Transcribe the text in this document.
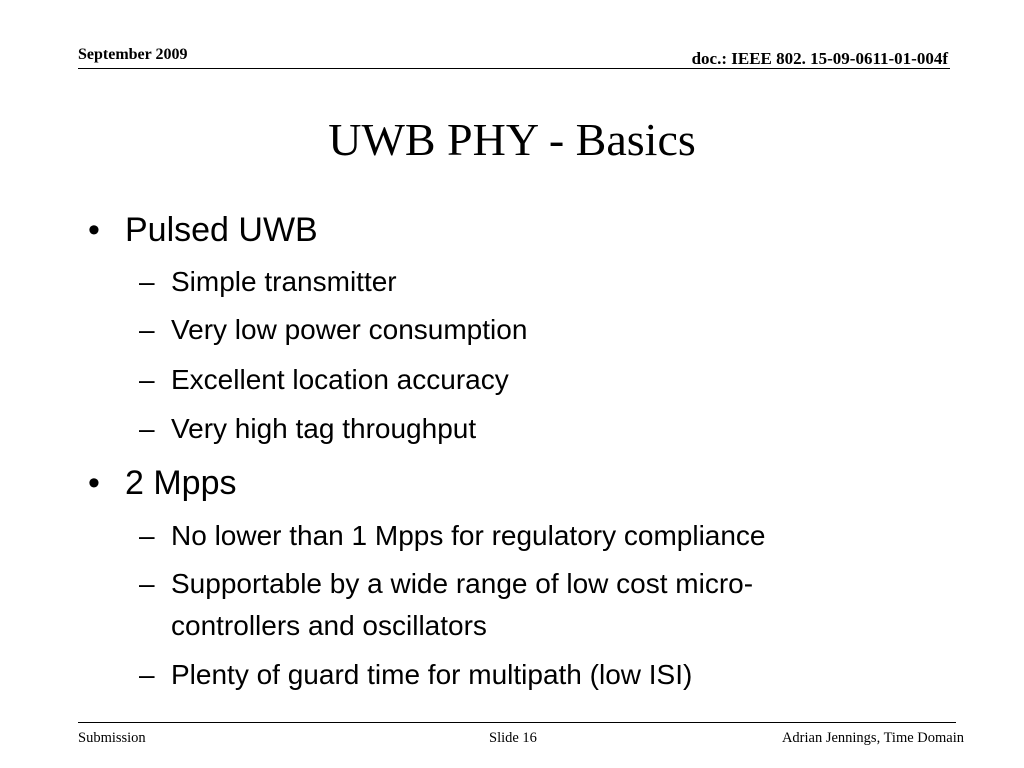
September 2009	doc.: IEEE 802. 15-09-0611-01-004f
UWB PHY - Basics
• Pulsed UWB
– Simple transmitter
– Very low power consumption
– Excellent location accuracy
– Very high tag throughput
• 2 Mpps
– No lower than 1 Mpps for regulatory compliance
– Supportable by a wide range of low cost micro-
controllers and oscillators
– Plenty of guard time for multipath (low ISI)
Submission	Slide 16	Adrian Jennings, Time Domain
